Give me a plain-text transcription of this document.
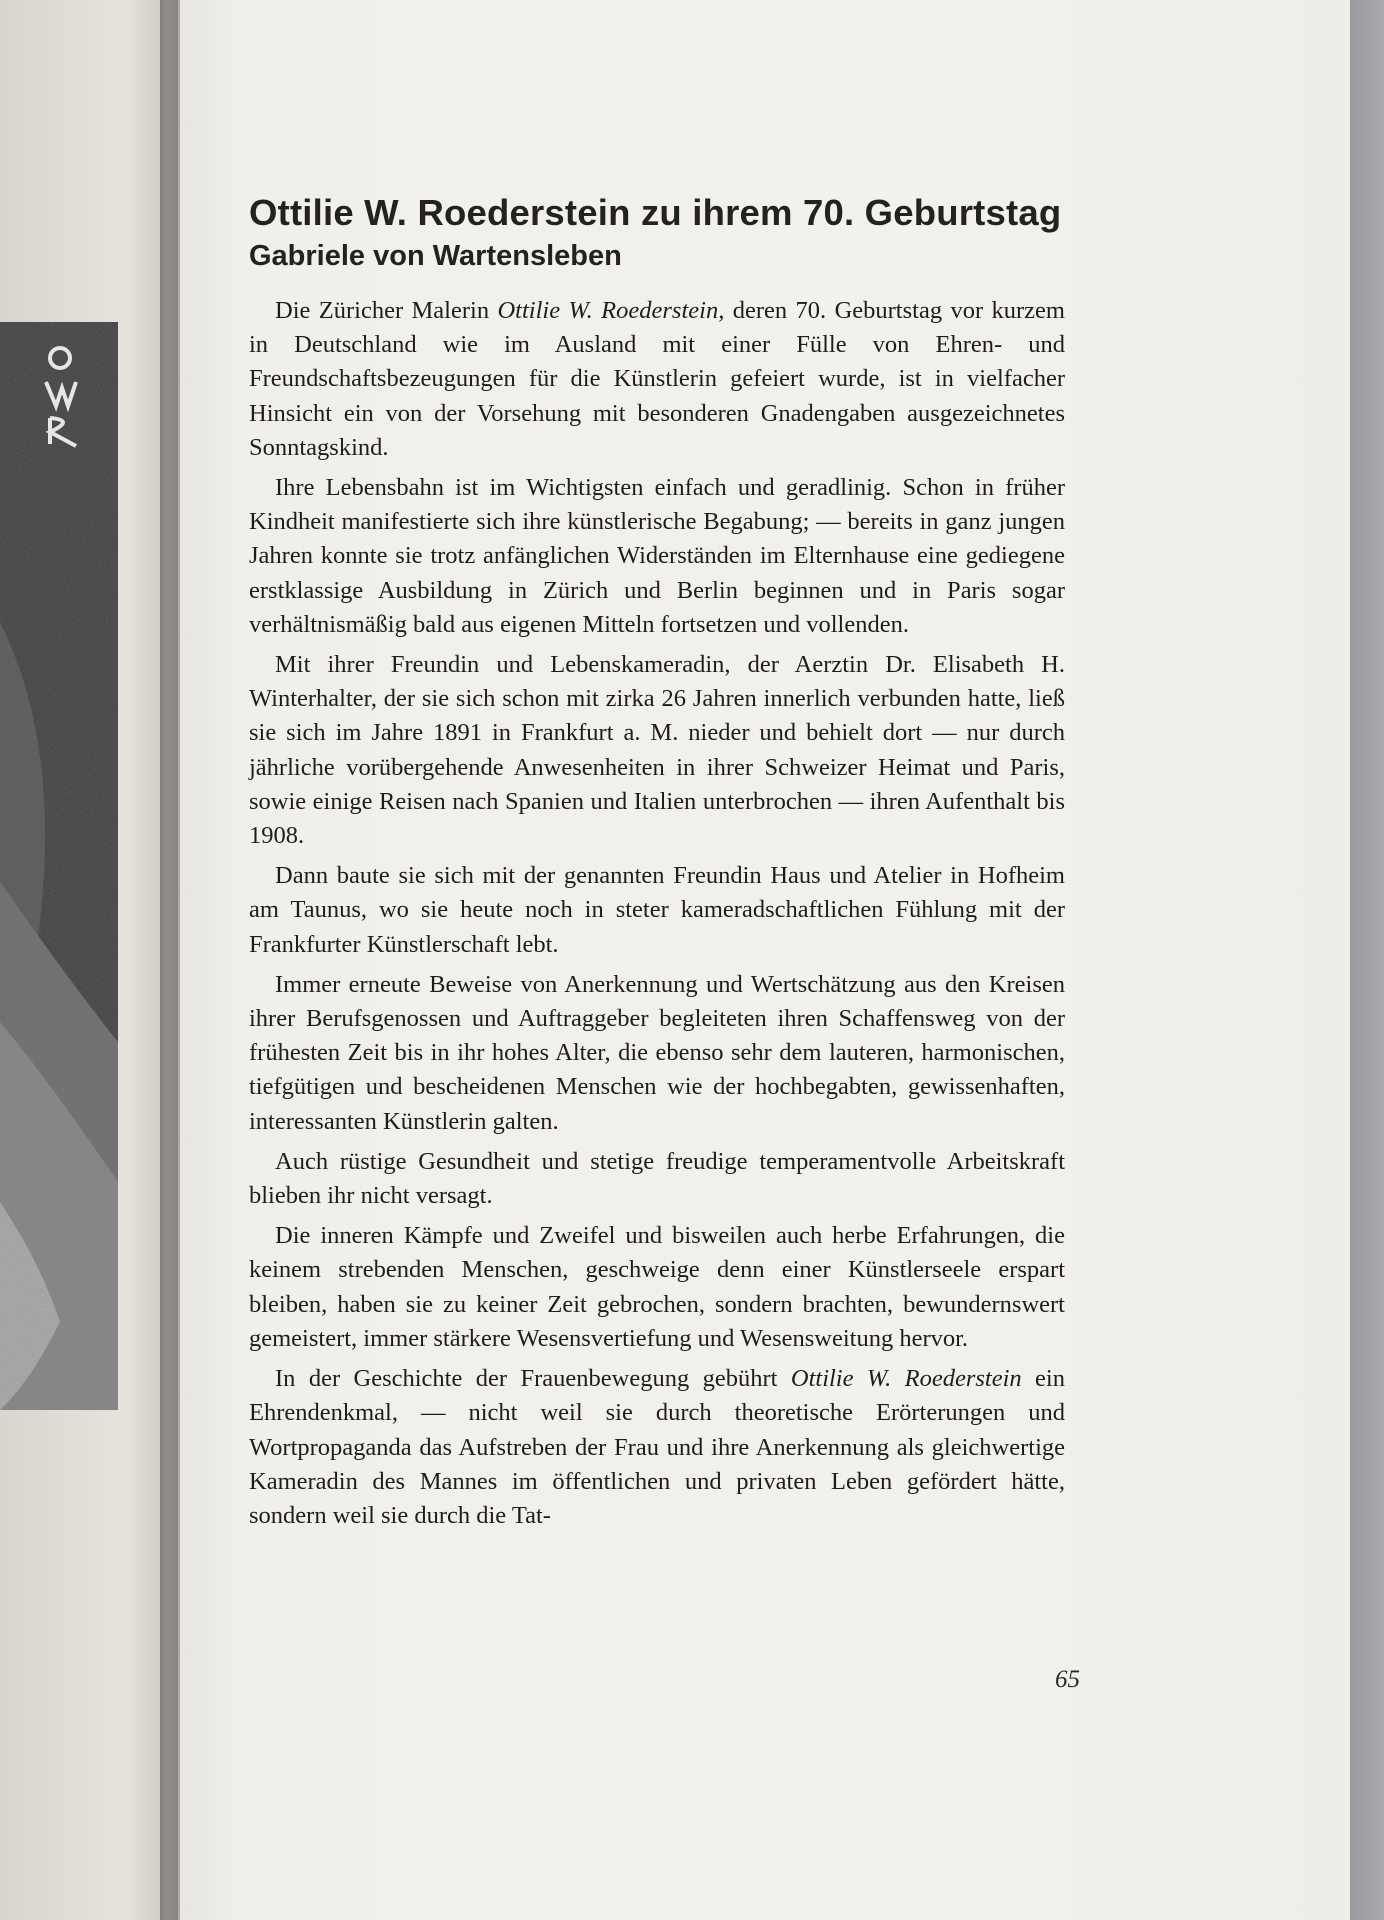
Ottilie W. Roederstein zu ihrem 70. Geburtstag
Gabriele von Wartensleben

Die Züricher Malerin Ottilie W. Roederstein, deren 70. Geburtstag vor kurzem in Deutschland wie im Ausland mit einer Fülle von Ehren- und Freundschaftsbezeugungen für die Künstlerin gefeiert wurde, ist in vielfacher Hinsicht ein von der Vorsehung mit besonderen Gnadengaben ausgezeichnetes Sonntagskind.

Ihre Lebensbahn ist im Wichtigsten einfach und geradlinig. Schon in früher Kindheit manifestierte sich ihre künstlerische Begabung; — bereits in ganz jungen Jahren konnte sie trotz anfänglichen Widerständen im Elternhause eine gediegene erstklassige Ausbildung in Zürich und Berlin beginnen und in Paris sogar verhältnismäßig bald aus eigenen Mitteln fortsetzen und vollenden.

Mit ihrer Freundin und Lebenskameradin, der Aerztin Dr. Elisabeth H. Winterhalter, der sie sich schon mit zirka 26 Jahren innerlich verbunden hatte, ließ sie sich im Jahre 1891 in Frankfurt a. M. nieder und behielt dort — nur durch jährliche vorübergehende Anwesenheiten in ihrer Schweizer Heimat und Paris, sowie einige Reisen nach Spanien und Italien unterbrochen — ihren Aufenthalt bis 1908.

Dann baute sie sich mit der genannten Freundin Haus und Atelier in Hofheim am Taunus, wo sie heute noch in steter kameradschaftlichen Fühlung mit der Frankfurter Künstlerschaft lebt.

Immer erneute Beweise von Anerkennung und Wertschätzung aus den Kreisen ihrer Berufsgenossen und Auftraggeber begleiteten ihren Schaffensweg von der frühesten Zeit bis in ihr hohes Alter, die ebenso sehr dem lauteren, harmonischen, tiefgütigen und bescheidenen Menschen wie der hochbegabten, gewissenhaften, interessanten Künstlerin galten.

Auch rüstige Gesundheit und stetige freudige temperamentvolle Arbeitskraft blieben ihr nicht versagt.

Die inneren Kämpfe und Zweifel und bisweilen auch herbe Erfahrungen, die keinem strebenden Menschen, geschweige denn einer Künstlerseele erspart bleiben, haben sie zu keiner Zeit gebrochen, sondern brachten, bewundernswert gemeistert, immer stärkere Wesensvertiefung und Wesensweitung hervor.

In der Geschichte der Frauenbewegung gebührt Ottilie W. Roederstein ein Ehrendenkmal, — nicht weil sie durch theoretische Erörterungen und Wortpropaganda das Aufstreben der Frau und ihre Anerkennung als gleichwertige Kameradin des Mannes im öffentlichen und privaten Leben gefördert hätte, sondern weil sie durch die Tat-

65
